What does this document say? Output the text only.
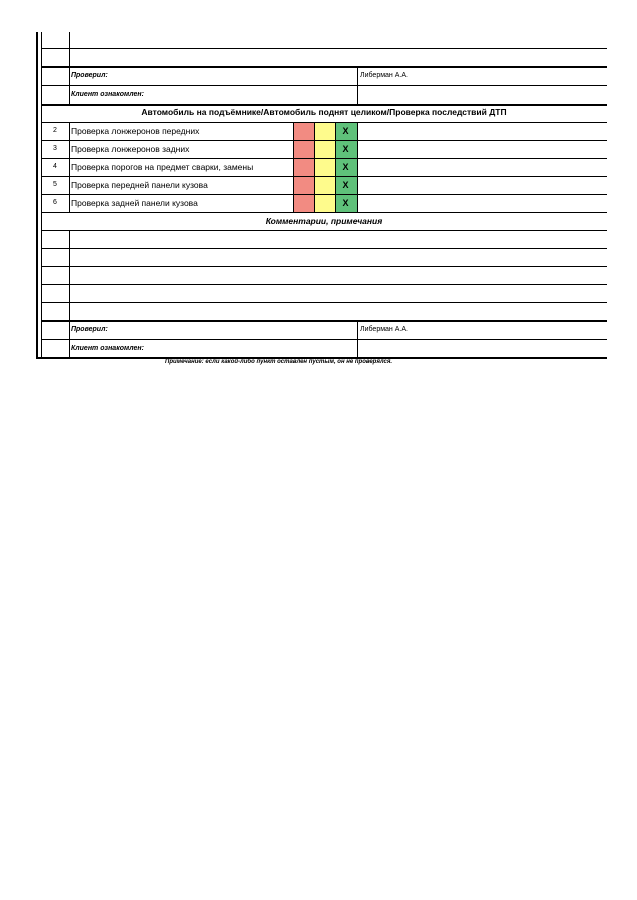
Проверил:	Либерман А.А.
Клиент ознакомлен:
Автомобиль на подъёмнике/Автомобиль поднят целиком/Проверка последствий ДТП
2	Проверка лонжеронов передних	X
3	Проверка лонжеронов задних	X
4	Проверка порогов на предмет сварки, замены	X
5	Проверка передней панели кузова	X
6	Проверка задней панели кузова	X
Комментарии, примечания
Проверил:	Либерман А.А.
Клиент ознакомлен:
Примечание: если какой-либо пункт оставлен пустым, он не проверялся.
